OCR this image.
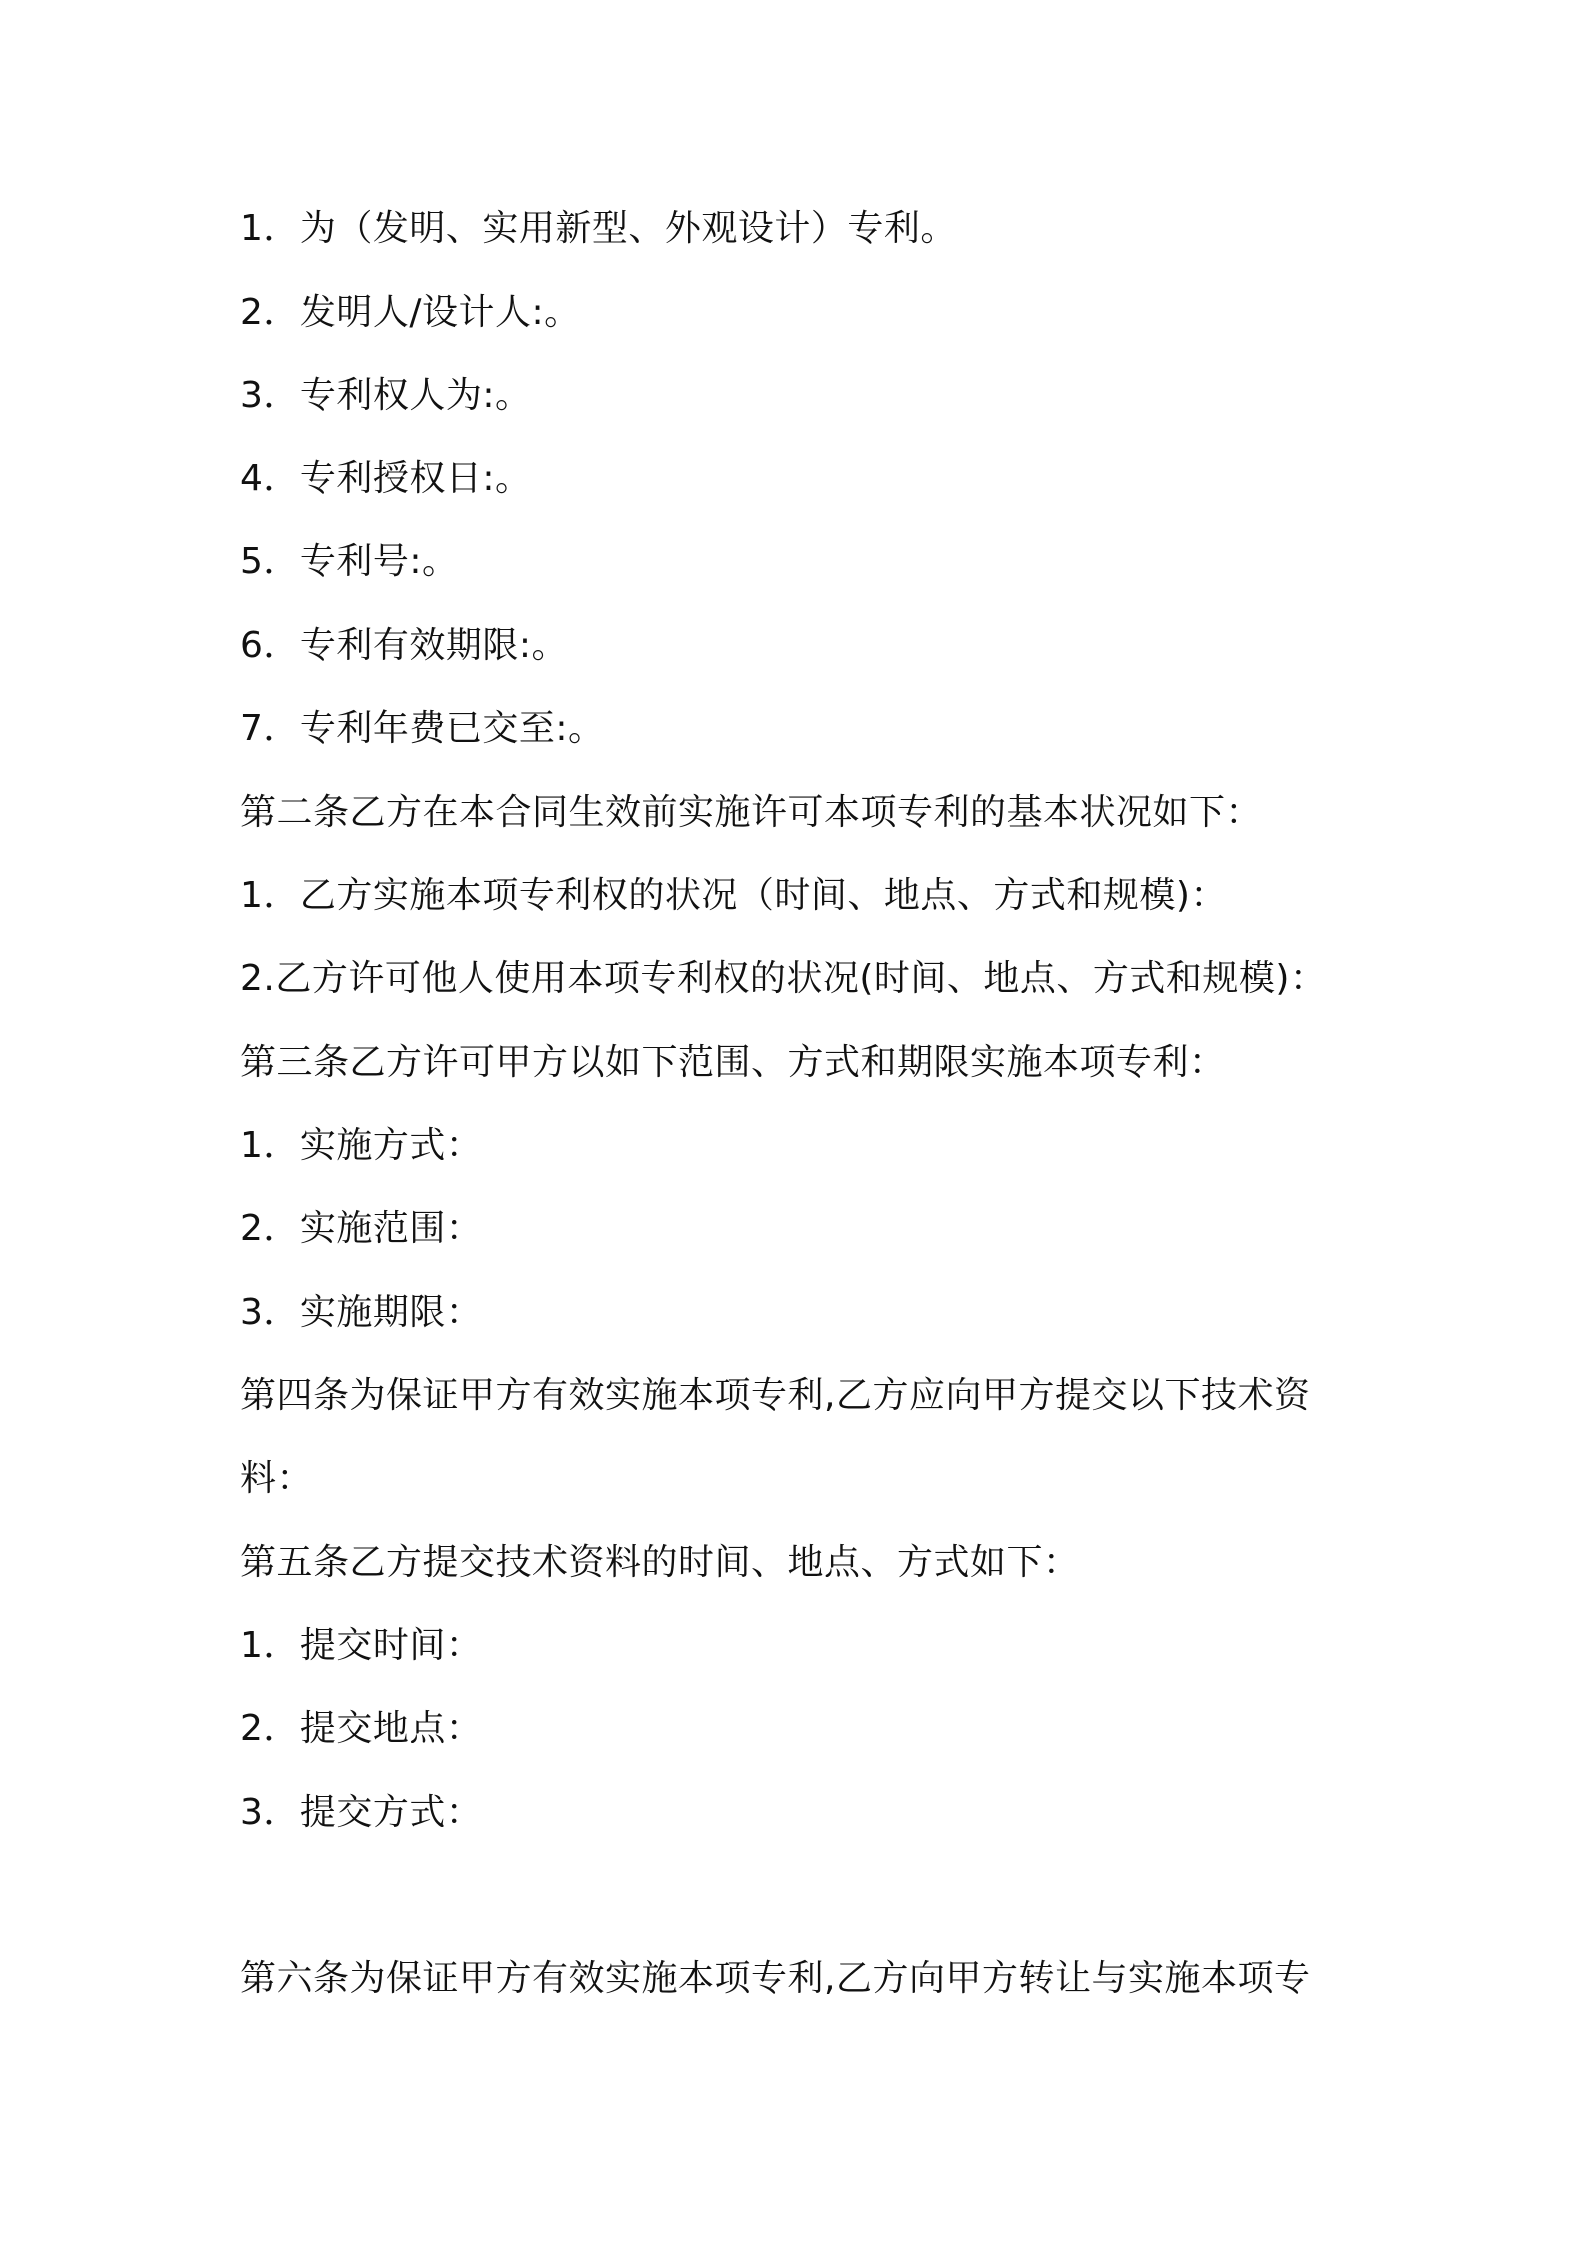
1．为（发明、实用新型、外观设计）专利。
2．发明人/设计人:。
3．专利权人为:。
4．专利授权日:。
5．专利号:。
6．专利有效期限:。
7．专利年费已交至:。
第二条乙方在本合同生效前实施许可本项专利的基本状况如下：
1．乙方实施本项专利权的状况（时间、地点、方式和规模)：
2.乙方许可他人使用本项专利权的状况(时间、地点、方式和规模)：
第三条乙方许可甲方以如下范围、方式和期限实施本项专利：
1．实施方式：
2．实施范围：
3．实施期限：
第四条为保证甲方有效实施本项专利,乙方应向甲方提交以下技术资
料：
第五条乙方提交技术资料的时间、地点、方式如下：
1．提交时间：
2．提交地点：
3．提交方式：
第六条为保证甲方有效实施本项专利,乙方向甲方转让与实施本项专
